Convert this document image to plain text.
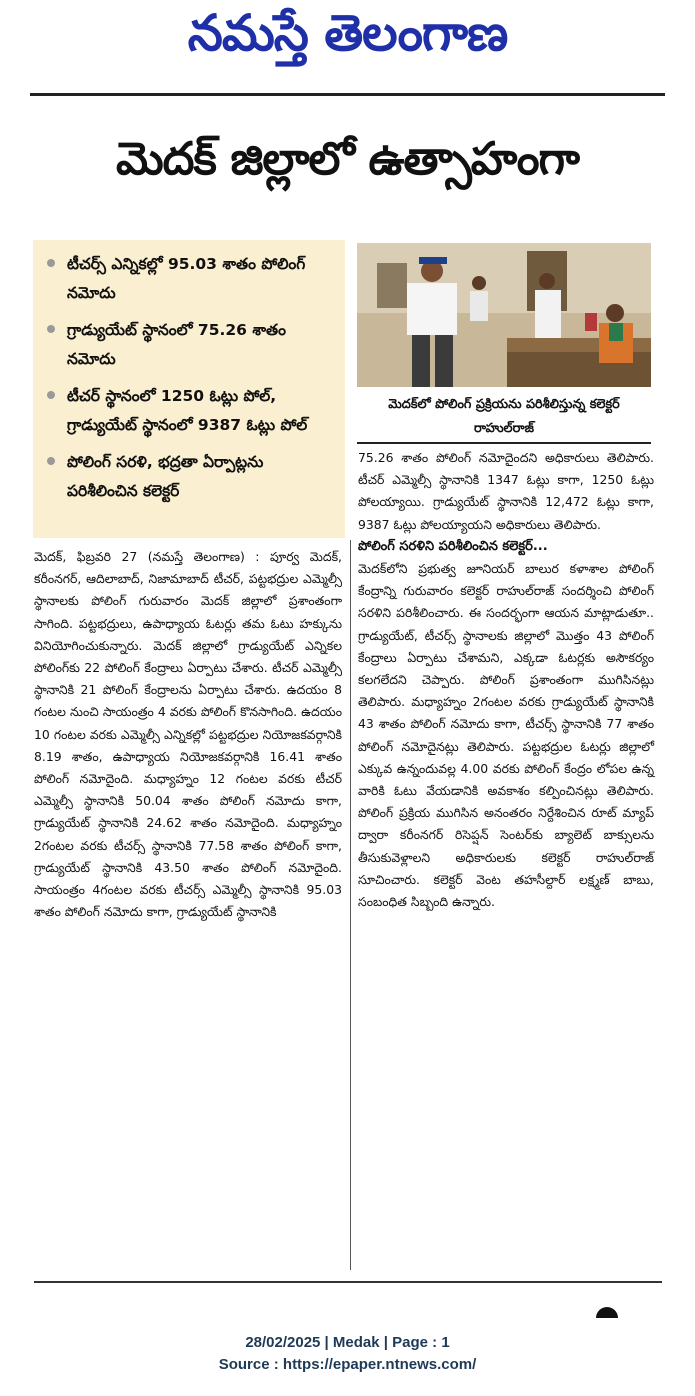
నమస్తే తెలంగాణ
మెదక్‌ జిల్లాలో ఉత్సాహంగా
టీచర్స్‌ ఎన్నికల్లో 95.03 శాతం పోలింగ్‌ నమోదు
గ్రాడ్యుయేట్‌ స్థానంలో 75.26 శాతం నమోదు
టీచర్‌ స్థానంలో 1250 ఓట్లు పోల్‌, గ్రాడ్యుయేట్‌ స్థానంలో 9387 ఓట్లు పోల్‌
పోలింగ్‌ సరళి, భద్రతా ఏర్పాట్లను పరిశీలించిన కలెక్టర్‌
మెదక్‌లో పోలింగ్‌ ప్రక్రియను పరిశీలిస్తున్న కలెక్టర్‌ రాహుల్‌రాజ్‌

మెదక్‌, ఫిబ్రవరి 27 (నమస్తే తెలంగాణ) : పూర్వ మెదక్‌, కరీంనగర్‌, ఆదిలాబాద్‌, నిజామాబాద్‌ టీచర్‌, పట్టభద్రుల ఎమ్మెల్సీ స్థానాలకు పోలింగ్‌ గురువారం మెదక్‌ జిల్లాలో ప్రశాంతంగా సాగింది. పట్టభద్రులు, ఉపాధ్యాయ ఓటర్లు తమ ఓటు హక్కును వినియోగించుకున్నారు. మెదక్‌ జిల్లాలో గ్రాడ్యుయేట్‌ ఎన్నికల పోలింగ్‌కు 22 పోలింగ్‌ కేంద్రాలు ఏర్పాటు చేశారు. టీచర్‌ ఎమ్మెల్సీ స్థానానికి 21 పోలింగ్‌ కేంద్రాలను ఏర్పాటు చేశారు. ఉదయం 8 గంటల నుంచి సాయంత్రం 4 వరకు పోలింగ్‌ కొనసాగింది. ఉదయం 10 గంటల వరకు ఎమ్మెల్సీ ఎన్నికల్లో పట్టభద్రుల నియోజకవర్గానికి 8.19 శాతం, ఉపాధ్యాయ నియోజకవర్గానికి 16.41 శాతం పోలింగ్‌ నమోదైంది. మధ్యాహ్నం 12 గంటల వరకు టీచర్‌ ఎమ్మెల్సీ స్థానానికి 50.04 శాతం పోలింగ్‌ నమోదు కాగా, గ్రాడ్యుయేట్‌ స్థానానికి 24.62 శాతం నమోదైంది. మధ్యాహ్నం 2గంటల వరకు టీచర్స్‌ స్థానానికి 77.58 శాతం పోలింగ్‌ కాగా, గ్రాడ్యుయేట్‌ స్థానానికి 43.50 శాతం పోలింగ్‌ నమోదైంది. సాయంత్రం 4గంటల వరకు టీచర్స్‌ ఎమ్మెల్సీ స్థానానికి 95.03 శాతం పోలింగ్‌ నమోదు కాగా, గ్రాడ్యుయేట్‌ స్థానానికి

75.26 శాతం పోలింగ్‌ నమోదైందని అధికారులు తెలిపారు. టీచర్‌ ఎమ్మెల్సీ స్థానానికి 1347 ఓట్లు కాగా, 1250 ఓట్లు పోలయ్యాయి. గ్రాడ్యుయేట్‌ స్థానానికి 12,472 ఓట్లు కాగా, 9387 ఓట్లు పోలయ్యాయని అధికారులు తెలిపారు.

పోలింగ్‌ సరళిని పరిశీలించిన కలెక్టర్‌...

మెదక్‌లోని ప్రభుత్వ జూనియర్‌ బాలుర కళాశాల పోలింగ్‌ కేంద్రాన్ని గురువారం కలెక్టర్‌ రాహుల్‌రాజ్‌ సందర్శించి పోలింగ్‌ సరళిని పరిశీలించారు. ఈ సందర్భంగా ఆయన మాట్లాడుతూ.. గ్రాడ్యుయేట్‌, టీచర్స్‌ స్థానాలకు జిల్లాలో మొత్తం 43 పోలింగ్‌ కేంద్రాలు ఏర్పాటు చేశామని, ఎక్కడా ఓటర్లకు అసౌకర్యం కలగలేదని చెప్పారు. పోలింగ్‌ ప్రశాంతంగా ముగిసినట్లు తెలిపారు. మధ్యాహ్నం 2గంటల వరకు గ్రాడ్యుయేట్‌ స్థానానికి 43 శాతం పోలింగ్‌ నమోదు కాగా, టీచర్స్‌ స్థానానికి 77 శాతం పోలింగ్‌ నమోదైనట్లు తెలిపారు. పట్టభద్రుల ఓటర్లు జిల్లాలో ఎక్కువ ఉన్నందువల్ల 4.00 వరకు పోలింగ్‌ కేంద్రం లోపల ఉన్న వారికి ఓటు వేయడానికి అవకాశం కల్పించినట్లు తెలిపారు. పోలింగ్‌ ప్రక్రియ ముగిసిన అనంతరం నిర్దేశించిన రూట్‌ మ్యాప్‌ ద్వారా కరీంనగర్‌ రిసెప్షన్‌ సెంటర్‌కు బ్యాలెట్‌ బాక్సులను తీసుకువెళ్లాలని అధికారులకు కలెక్టర్‌ రాహుల్‌రాజ్‌ సూచించారు. కలెక్టర్‌ వెంట తహసీల్దార్‌ లక్ష్మణ్‌ బాబు, సంబంధిత సిబ్బంది ఉన్నారు.

28/02/2025 | Medak | Page : 1
Source : https://epaper.ntnews.com/
